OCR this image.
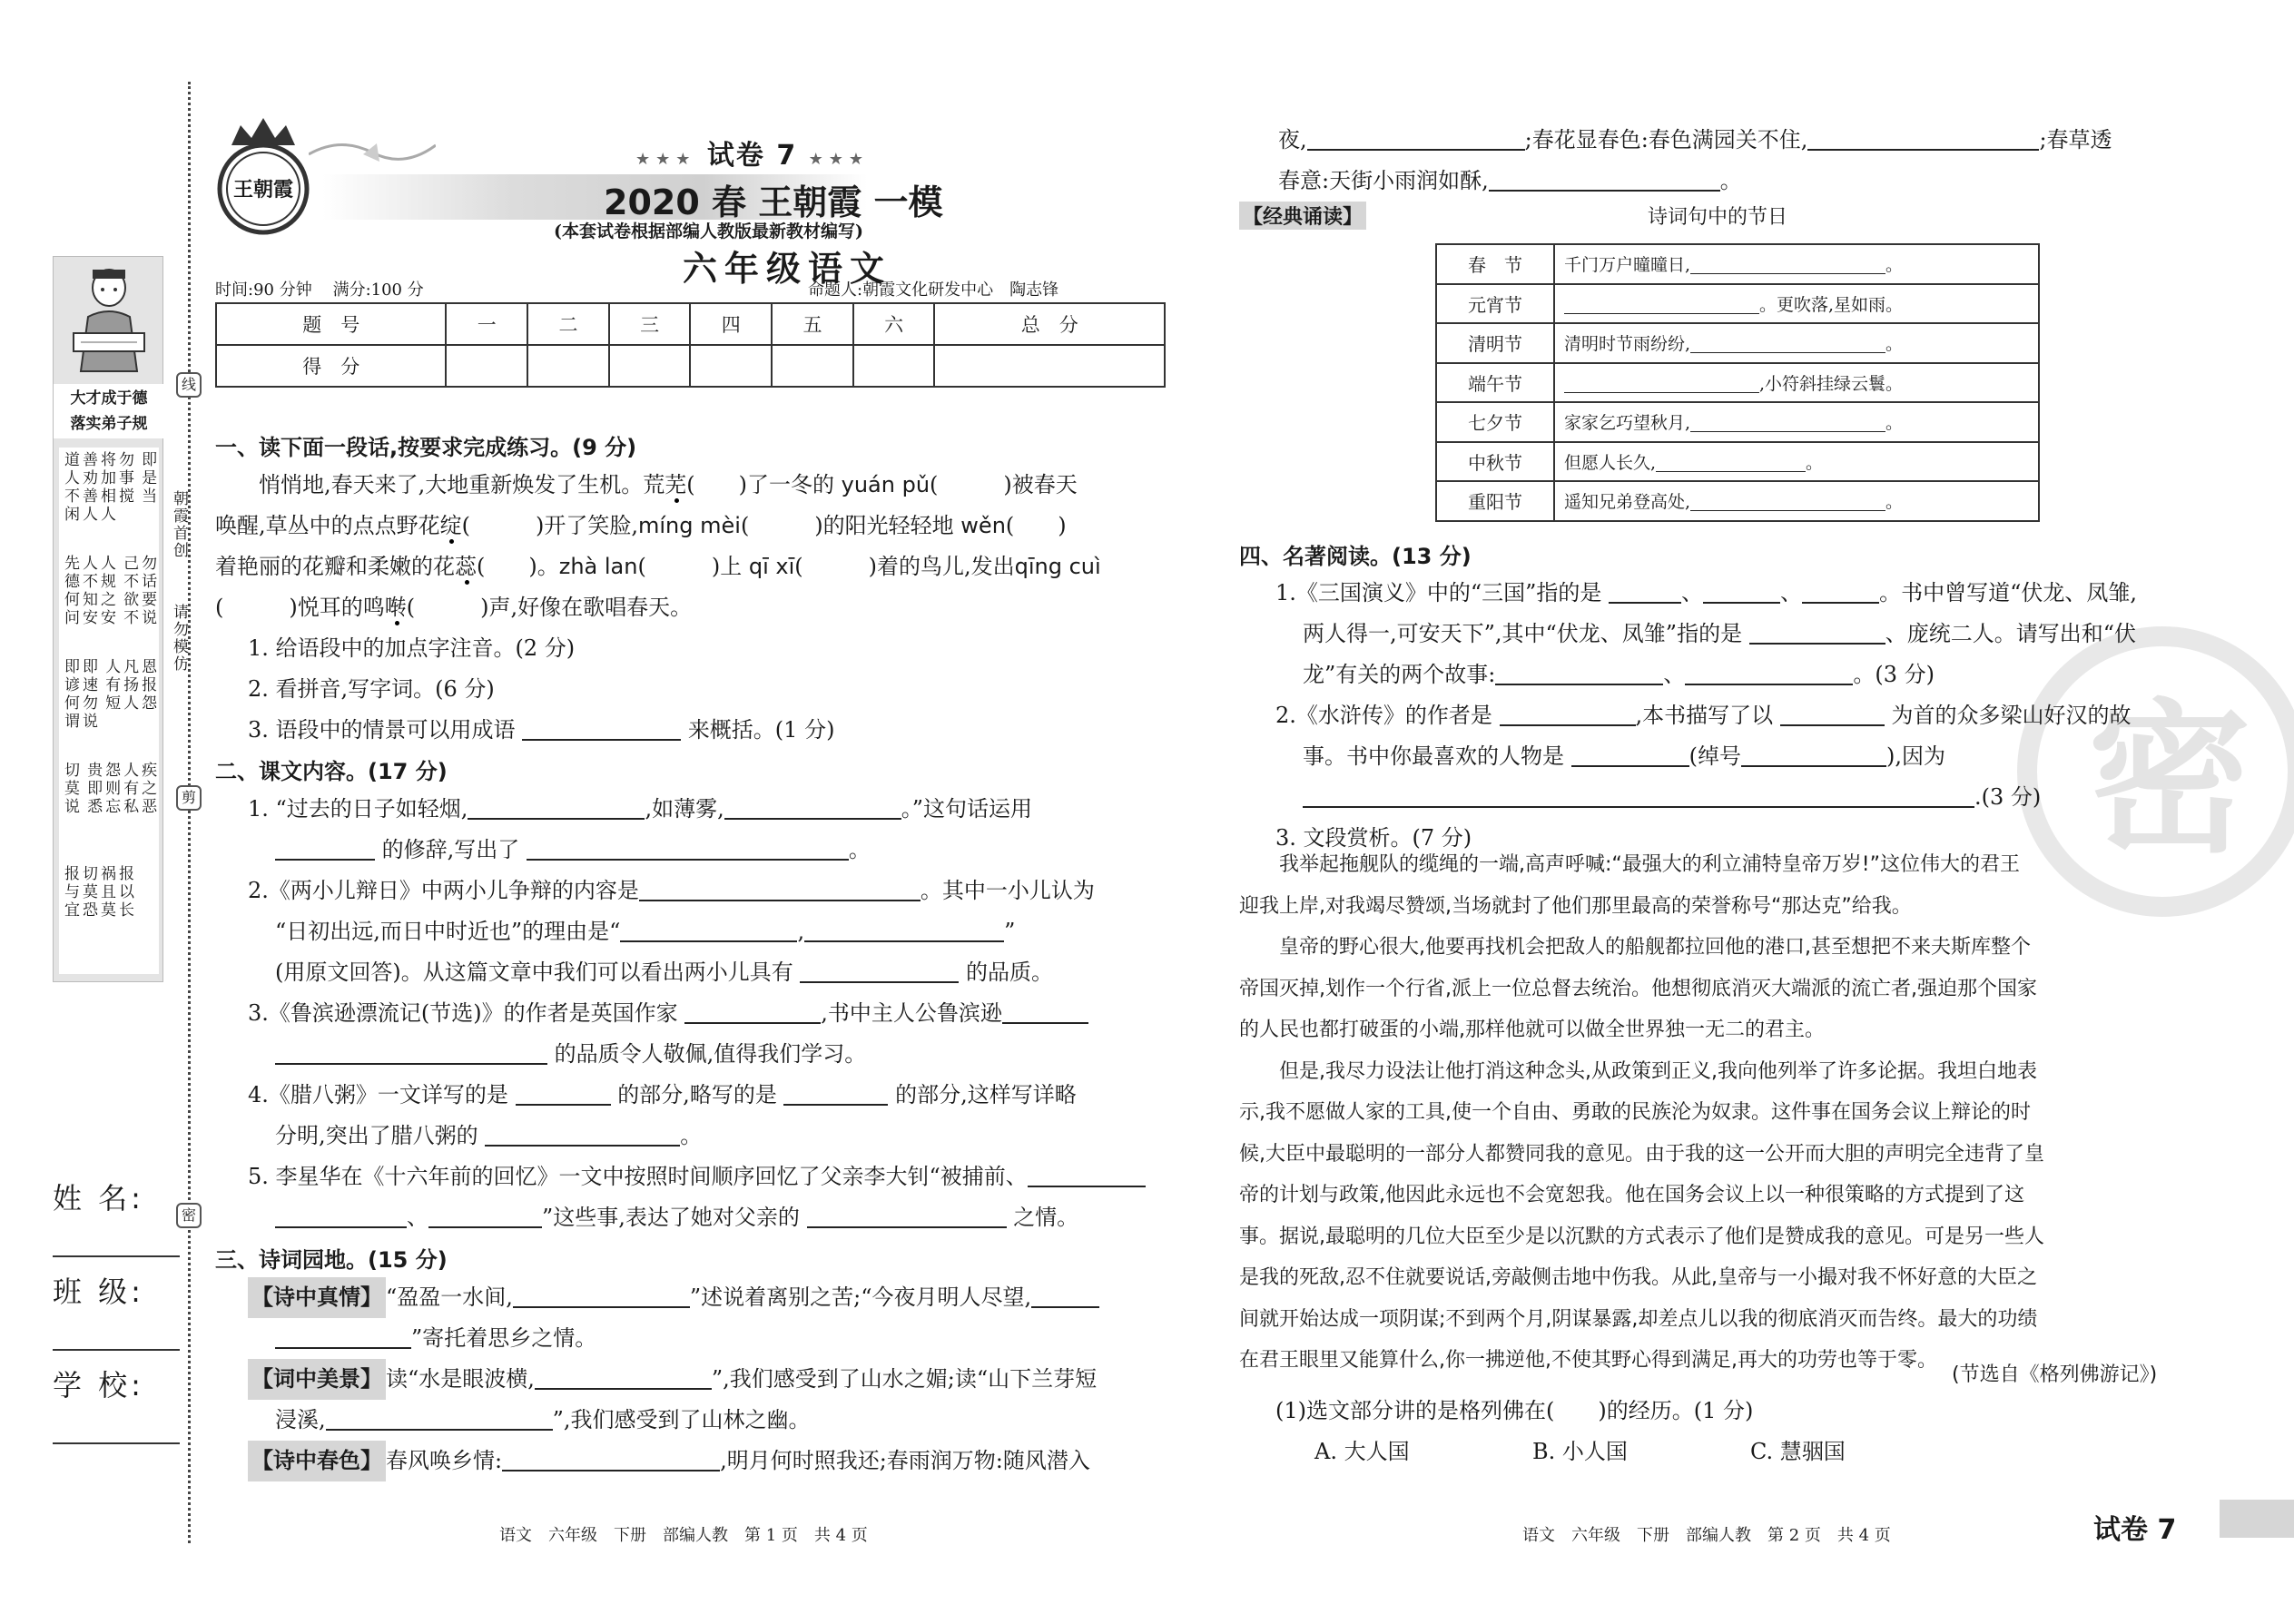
线
剪
密
朝霞首创
请勿模仿
大才成于德
落实弟子规
道人不闲善劝善人将加相人勿事搅 即是当先德何问人不知安人规之安 己不欲不勿话要说即谚何谓即速勿说 人有短凡扬人恩报怨切莫说 贵即悉怨则忘人有私疾之恶 报与宜切莫恐祸且莫报以长
姓 名:
班 级:
学 校:
王朝霞
★★★ 试卷 7 ★★★
2020 春 王朝霞 一模
(本套试卷根据部编人教版最新教材编写)
六年级语文
时间:90 分钟 满分:100 分	命题人:朝霞文化研发中心　陶志锋
题　号	一	二	三	四	五	六	总　分
得　分							
一、读下面一段话,按要求完成练习。(9 分)
悄悄地,春天来了,大地重新焕发了生机。荒芜(　　)了一冬的 yuán pǔ(　　　)被春天
唤醒,草丛中的点点野花绽(　　　)开了笑脸,míng mèi(　　　)的阳光轻轻地 wěn(　　)
着艳丽的花瓣和柔嫩的花蕊(　　)。zhà lan(　　　)上 qī xī(　　　)着的鸟儿,发出qīng cuì
(　　　)悦耳的鸣啭(　　　)声,好像在歌唱春天。
1. 给语段中的加点字注音。(2 分)
2. 看拼音,写字词。(6 分)
3. 语段中的情景可以用成语	来概括。(1 分)
二、课文内容。(17 分)
1. “过去的日子如轻烟,	,如薄雾,	。”这句话运用
的修辞,写出了	。
2.《两小儿辩日》中两小儿争辩的内容是	。其中一小儿认为
“日初出远,而日中时近也”的理由是“	,	”
(用原文回答)。从这篇文章中我们可以看出两小儿具有	的品质。
3.《鲁滨逊漂流记(节选)》的作者是英国作家	,书中主人公鲁滨逊
的品质令人敬佩,值得我们学习。
4.《腊八粥》一文详写的是	的部分,略写的是	的部分,这样写详略
分明,突出了腊八粥的	。
5. 李星华在《十六年前的回忆》一文中按照时间顺序回忆了父亲李大钊“被捕前、
、	”这些事,表达了她对父亲的	之情。
三、诗词园地。(15 分)
【诗中真情】 “盈盈一水间,	”述说着离别之苦;“今夜月明人尽望,
”寄托着思乡之情。
【词中美景】 读“水是眼波横,	”,我们感受到了山水之媚;读“山下兰芽短
浸溪,	”,我们感受到了山林之幽。
【诗中春色】 春风唤乡情:	,明月何时照我还;春雨润万物:随风潜入
语文　六年级　下册　部编人教　第 1 页　共 4 页
夜,	;春花显春色:春色满园关不住,	;春草透
春意:天街小雨润如酥,	。
【经典诵读】	诗词句中的节日
春　节	千门万户曈曈日, 。
元宵节	。更吹落,星如雨。
清明节	清明时节雨纷纷, 。
端午节	,小符斜挂绿云鬟。
七夕节	家家乞巧望秋月, 。
中秋节	但愿人长久, 。
重阳节	遥知兄弟登高处, 。
密
四、名著阅读。(13 分)
1.《三国演义》中的“三国”指的是	、	、	。书中曾写道“伏龙、凤雏,
两人得一,可安天下”,其中“伏龙、凤雏”指的是	、庞统二人。请写出和“伏
龙”有关的两个故事:	、	。(3 分)
2.《水浒传》的作者是	,本书描写了以	为首的众多梁山好汉的故
事。书中你最喜欢的人物是	(绰号	),因为
.(3 分)
3. 文段赏析。(7 分)
我举起拖舰队的缆绳的一端,高声呼喊:“最强大的利立浦特皇帝万岁!”这位伟大的君王
迎我上岸,对我竭尽赞颂,当场就封了他们那里最高的荣誉称号“那达克”给我。
皇帝的野心很大,他要再找机会把敌人的船舰都拉回他的港口,甚至想把不来夫斯库整个
帝国灭掉,划作一个行省,派上一位总督去统治。他想彻底消灭大端派的流亡者,强迫那个国家
的人民也都打破蛋的小端,那样他就可以做全世界独一无二的君主。
但是,我尽力设法让他打消这种念头,从政策到正义,我向他列举了许多论据。我坦白地表
示,我不愿做人家的工具,使一个自由、勇敢的民族沦为奴隶。这件事在国务会议上辩论的时
候,大臣中最聪明的一部分人都赞同我的意见。由于我的这一公开而大胆的声明完全违背了皇
帝的计划与政策,他因此永远也不会宽恕我。他在国务会议上以一种很策略的方式提到了这
事。据说,最聪明的几位大臣至少是以沉默的方式表示了他们是赞成我的意见。可是另一些人
是我的死敌,忍不住就要说话,旁敲侧击地中伤我。从此,皇帝与一小撮对我不怀好意的大臣之
间就开始达成一项阴谋;不到两个月,阴谋暴露,却差点儿以我的彻底消灭而告终。最大的功绩
在君王眼里又能算什么,你一拂逆他,不使其野心得到满足,再大的功劳也等于零。
(节选自《格列佛游记》)
(1)选文部分讲的是格列佛在(　　)的经历。(1 分)
A. 大人国	B. 小人国	C. 慧骃国
语文　六年级　下册　部编人教　第 2 页　共 4 页	试卷 7
